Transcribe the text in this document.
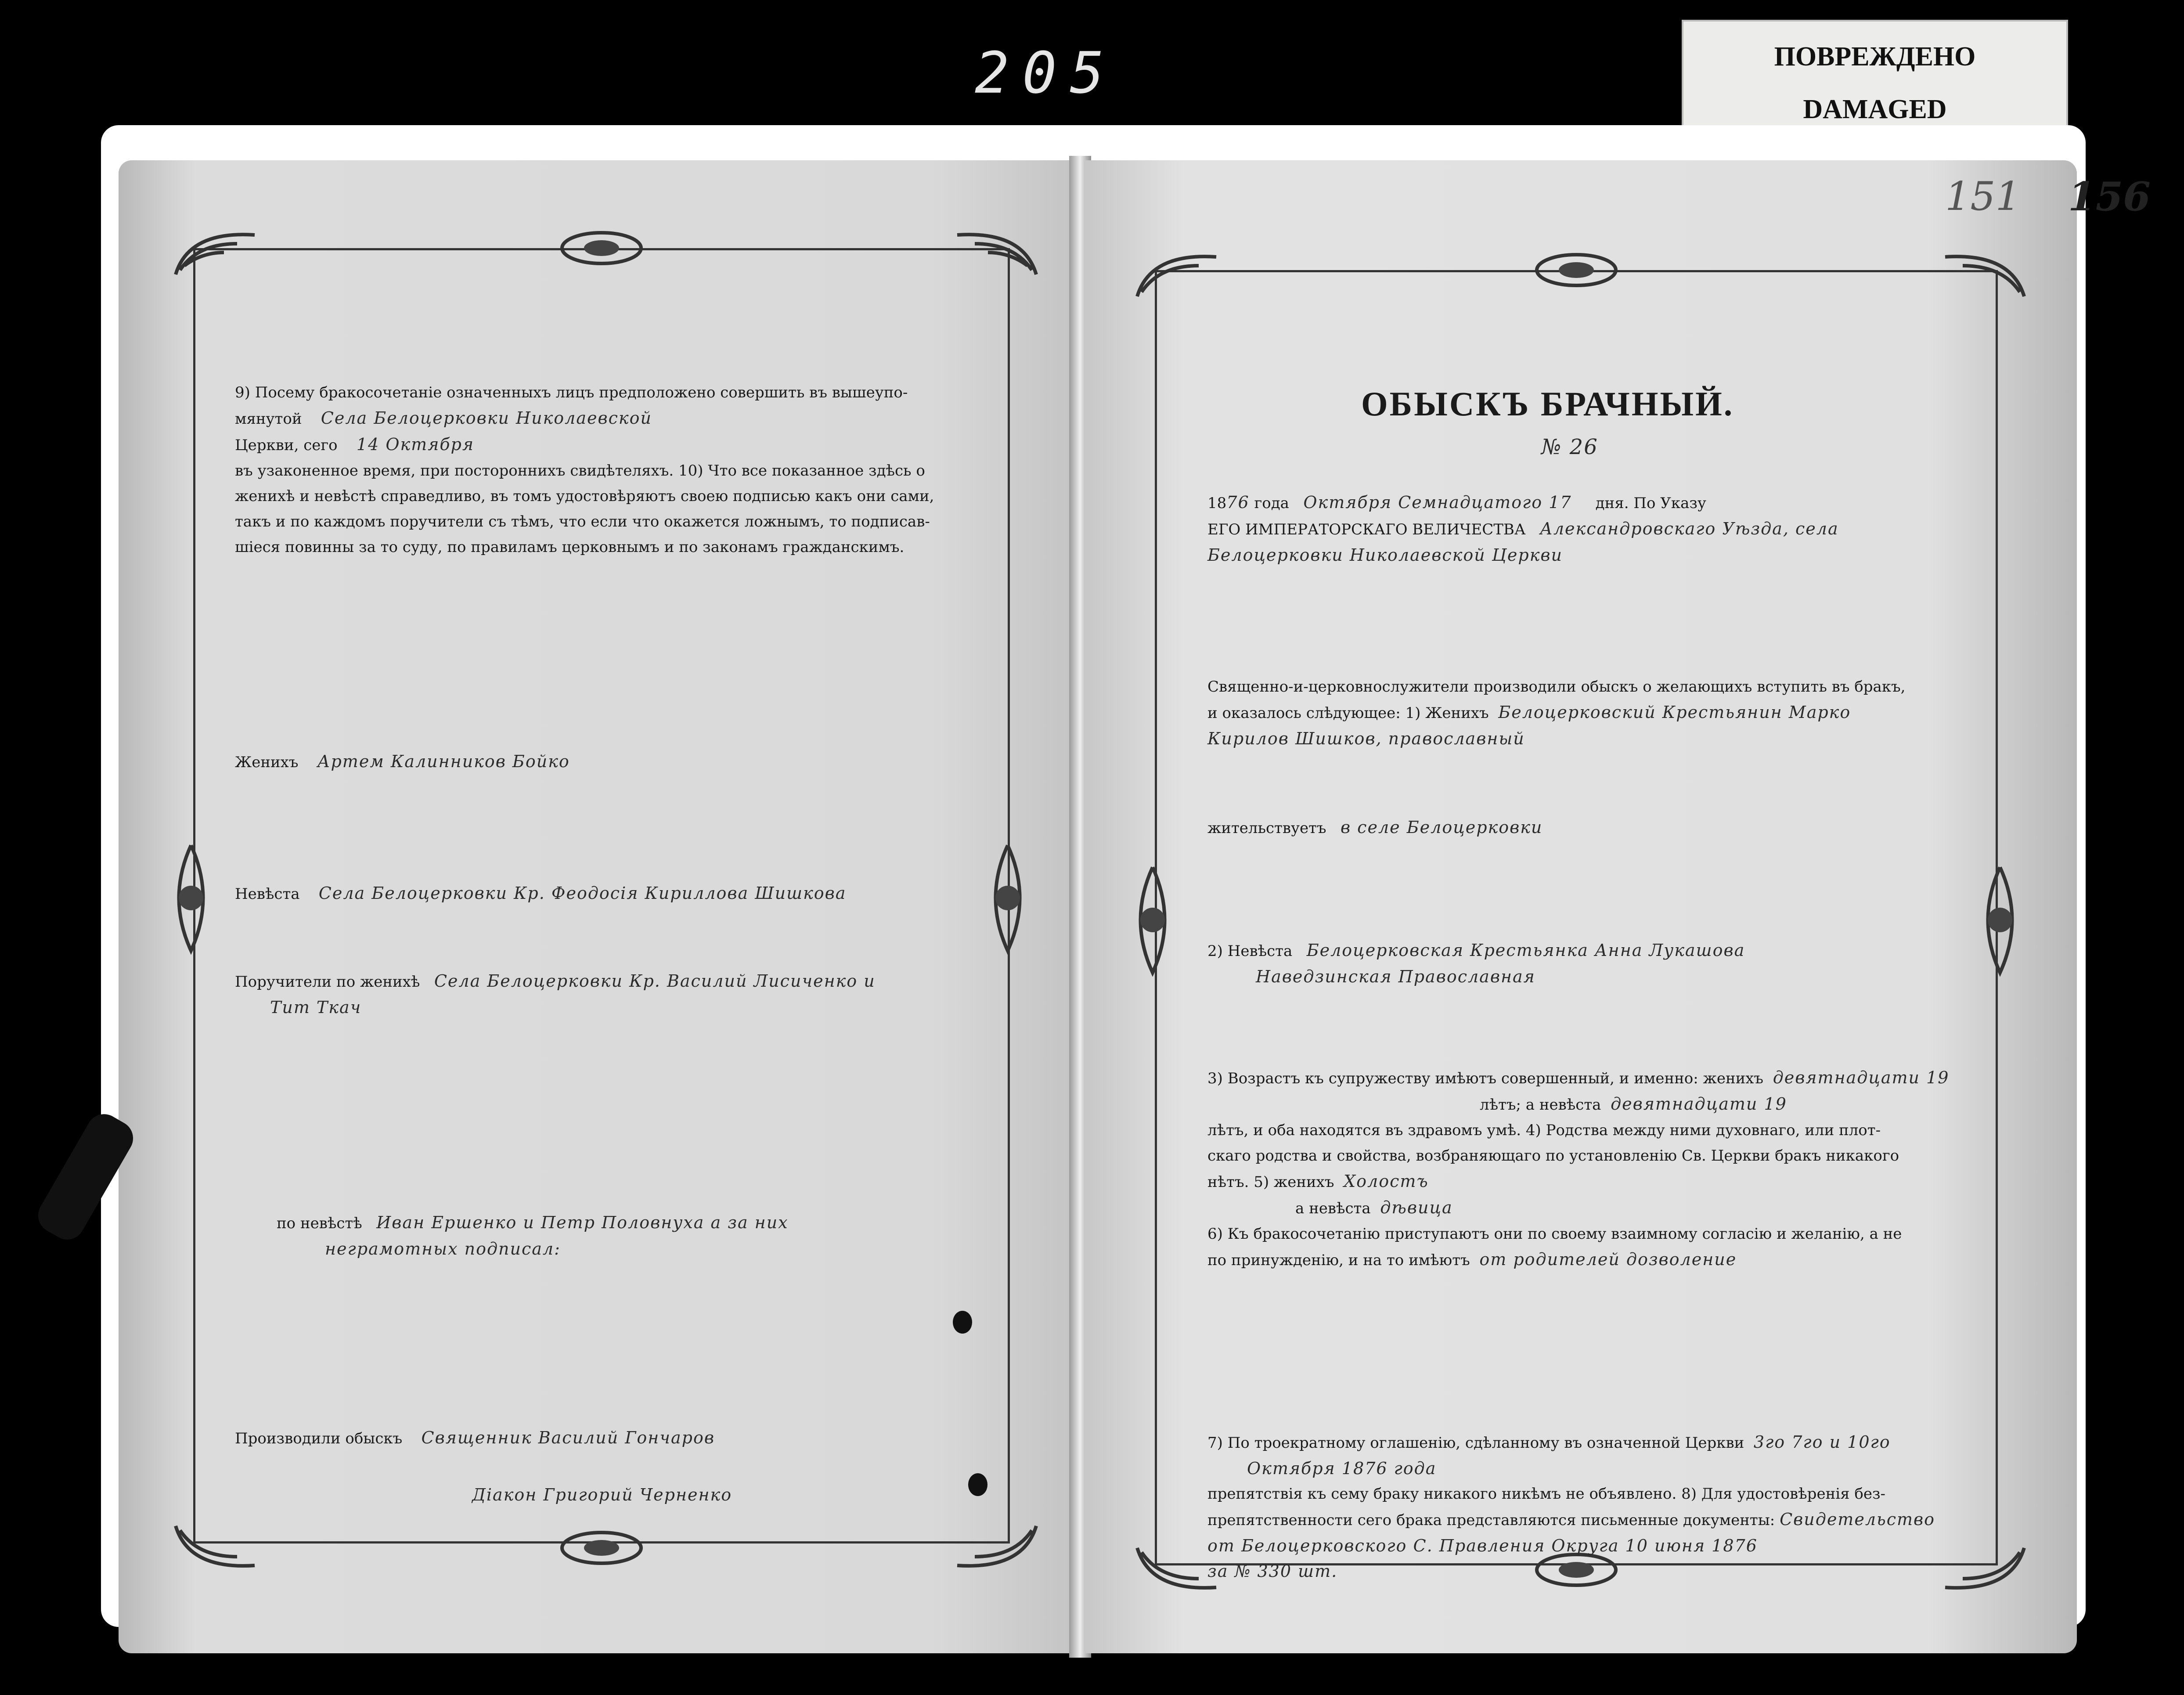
205	ПОВРЕЖДЕНО
DAMAGED
9) Посему бракосочетаніе означенныхъ лицъ предположено совершить въ вышеупо-
мянутой Села Белоцерковки Николаевской
Церкви, сего 14 Октября
въ узаконенное время, при постороннихъ свидѣтеляхъ. 10) Что все показанное здѣсь о
женихѣ и невѣстѣ справедливо, въ томъ удостовѣряютъ своею подписью какъ они сами,
такъ и по каждомъ поручители съ тѣмъ, что если что окажется ложнымъ, то подписав-
шіеся повинны за то суду, по правиламъ церковнымъ и по законамъ гражданскимъ.
Женихъ Артем Калинников Бойко
Невѣста Села Белоцерковки Кр. Феодосія Кириллова Шишкова
Поручители по женихѣ Села Белоцерковки Кр. Василий Лисиченко и
Тит Ткач
по невѣстѣ Иван Ершенко и Петр Половнуха а за них
неграмотных подписал:
Производили обыскъ Священник Василий Гончаров
Діакон Григорий Черненко
151 156
ОБЫСКЪ БРАЧНЫЙ.
№ 26
1876 года Октября Семнадцатого 17 дня. По Указу
ЕГО ИМПЕРАТОРСКАГО ВЕЛИЧЕСТВА Александровскаго Уѣзда, села
Белоцерковки Николаевской Церкви
Священно-и-церковнослужители производили обыскъ о желающихъ вступить въ бракъ,
и оказалось слѣдующее: 1) Женихъ Белоцерковский Крестьянин Марко
Кирилов Шишков, православный
жительствуетъ в селе Белоцерковки
2) Невѣста Белоцерковская Крестьянка Анна Лукашова
Наведзинская Православная
3) Возрастъ къ супружеству имѣютъ совершенный, и именно: женихъ девятнадцати 19
лѣтъ; а невѣста девятнадцати 19
лѣтъ, и оба находятся въ здравомъ умѣ. 4) Родства между ними духовнаго, или плот-
скаго родства и свойства, возбраняющаго по установленію Св. Церкви бракъ никакого
нѣтъ. 5) женихъ Холостъ
а невѣста дѣвица
6) Къ бракосочетанію приступаютъ они по своему взаимному согласію и желанію, а не
по принужденію, и на то имѣютъ от родителей дозволение
7) По троекратному оглашенію, сдѣланному въ означенной Церкви 3го 7го и 10го
Октября 1876 года
препятствія къ сему браку никакого никѣмъ не объявлено. 8) Для удостовѣренія без-
препятственности сего брака представляются письменные документы: Свидетельство
от Белоцерковского С. Правления Округа 10 июня 1876
за № 330 шт.
